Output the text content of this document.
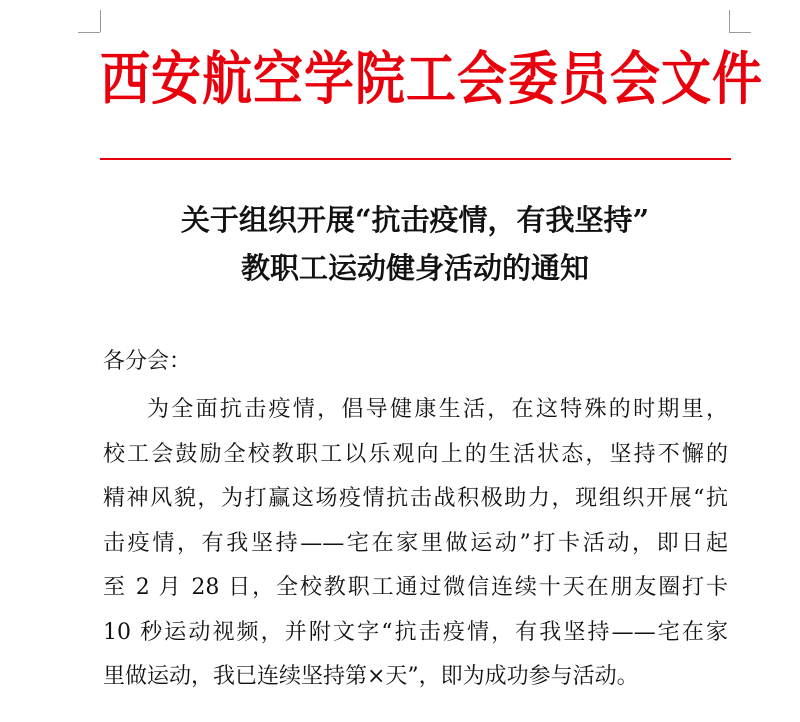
西安航空学院工会委员会文件
关于组织开展“抗击疫情，有我坚持”
教职工运动健身活动的通知
各分会：
为全面抗击疫情，倡导健康生活，在这特殊的时期里，
校工会鼓励全校教职工以乐观向上的生活状态，坚持不懈的
精神风貌，为打赢这场疫情抗击战积极助力，现组织开展“抗
击疫情，有我坚持——宅在家里做运动”打卡活动，即日起
至 2 月 28 日，全校教职工通过微信连续十天在朋友圈打卡
10 秒运动视频，并附文字“抗击疫情，有我坚持——宅在家
里做运动，我已连续坚持第×天”，即为成功参与活动。
